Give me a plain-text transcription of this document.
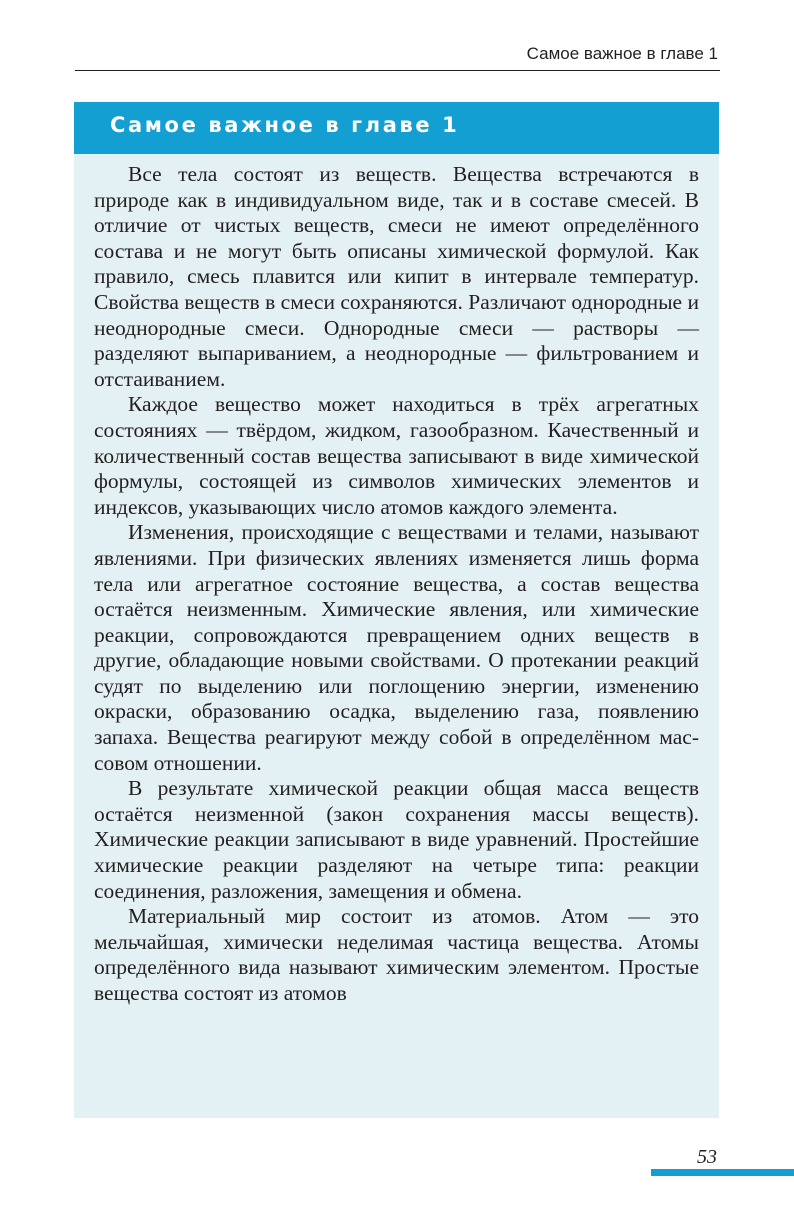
Самое важное в главе 1
Самое важное в главе 1

Все тела состоят из веществ. Вещества встречаются в природе как в индивидуальном виде, так и в составе смесей. В отличие от чистых веществ, смеси не имеют определённого состава и не могут быть описаны химической формулой. Как правило, смесь плавится или кипит в интервале температур. Свойства веществ в смеси сохраняются. Различают однородные и неоднородные смеси. Однородные смеси — растворы — разделяют выпариванием, а неоднородные — фильтрованием и отстаиванием.

Каждое вещество может находиться в трёх агрегатных состояниях — твёрдом, жидком, газообразном. Качественный и количественный состав вещества записывают в виде химической формулы, состоящей из символов химических элементов и индексов, указывающих число атомов каждого элемента.

Изменения, происходящие с веществами и телами, называют явлениями. При физических явлениях изменяется лишь форма тела или агрегатное состояние вещества, а состав вещества остаётся неизменным. Химические явления, или химические реакции, сопровождаются превращением одних веществ в другие, обладающие новыми свойствами. О протекании реакций судят по выделению или поглощению энергии, изменению окраски, образованию осадка, выделению газа, появлению запаха. Вещества реагируют между собой в определённом массовом отношении.

В результате химической реакции общая масса веществ остаётся неизменной (закон сохранения массы веществ). Химические реакции записывают в виде уравнений. Простейшие химические реакции разделяют на четыре типа: реакции соединения, разложения, замещения и обмена.

Материальный мир состоит из атомов. Атом — это мельчайшая, химически неделимая частица вещества. Атомы определённого вида называют химическим элементом. Простые вещества состоят из атомов

53
